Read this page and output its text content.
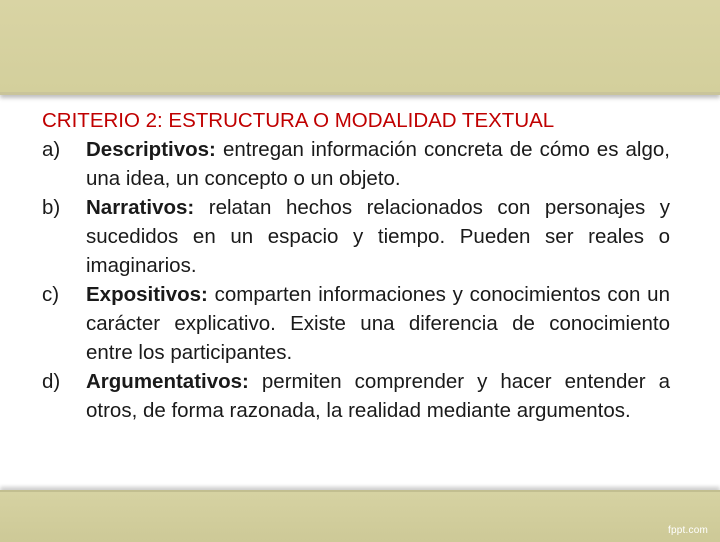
CRITERIO 2: ESTRUCTURA O MODALIDAD TEXTUAL

a) Descriptivos: entregan información concreta de cómo es algo, una idea, un concepto o un objeto.

b) Narrativos: relatan hechos relacionados con personajes y sucedidos en un espacio y tiempo. Pueden ser reales o imaginarios.

c) Expositivos: comparten informaciones y conocimientos con un carácter explicativo. Existe una diferencia de conocimiento entre los participantes.

d) Argumentativos: permiten comprender y hacer entender a otros, de forma razonada, la realidad mediante argumentos.

fppt.com
